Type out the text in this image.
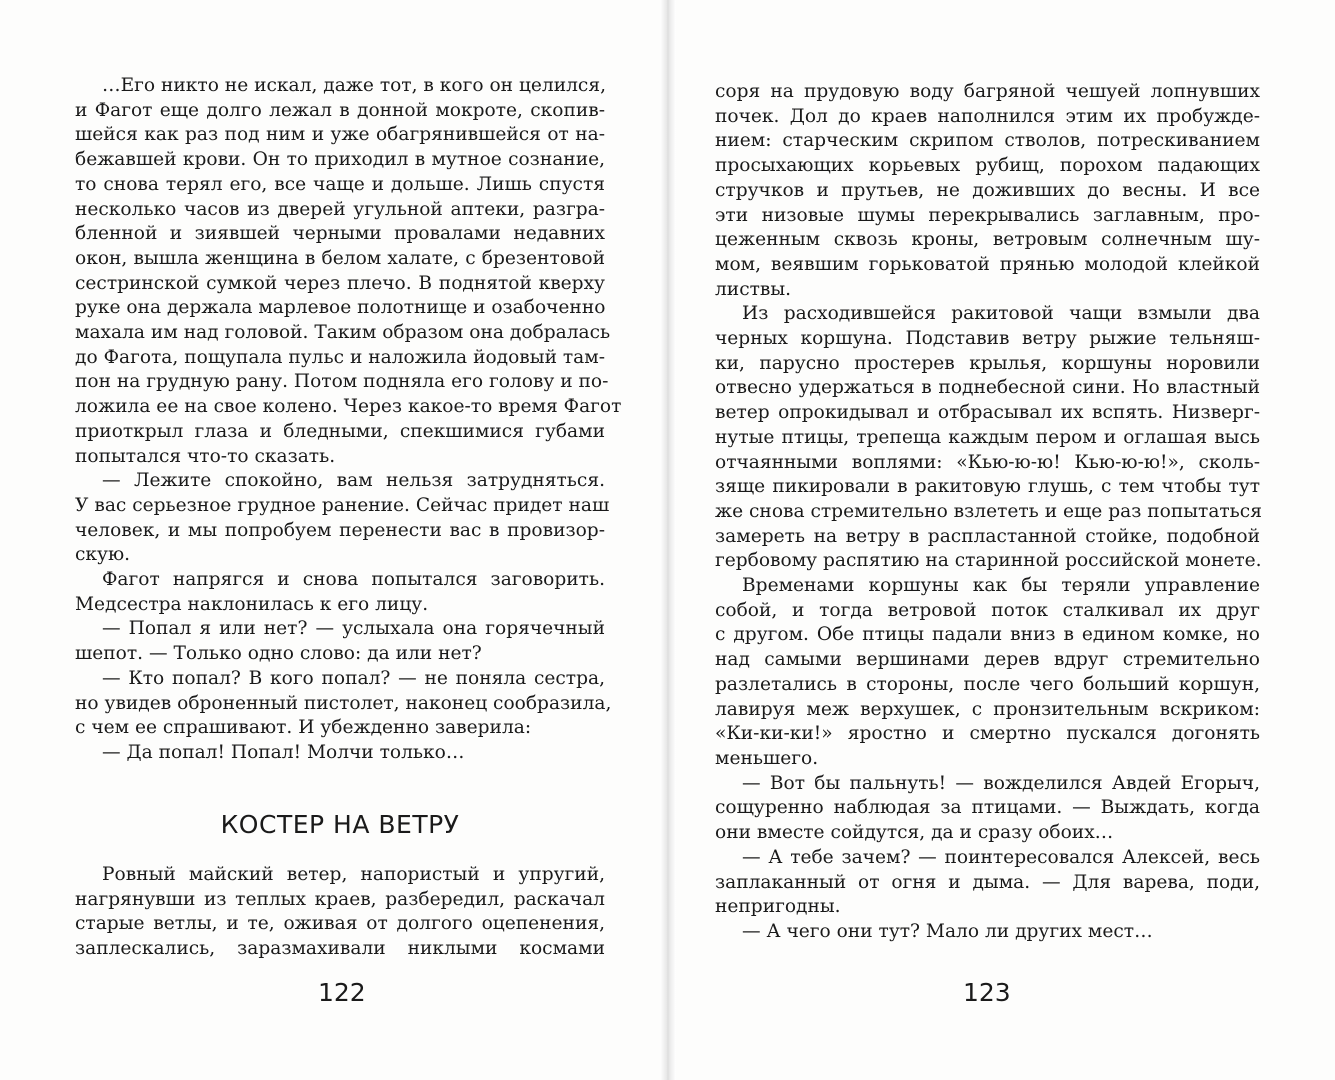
…Его никто не искал, даже тот, в кого он целился,
и Фагот еще долго лежал в донной мокроте, скопив-
шейся как раз под ним и уже обагрянившейся от на-
бежавшей крови. Он то приходил в мутное сознание,
то снова терял его, все чаще и дольше. Лишь спустя
несколько часов из дверей угульной аптеки, разгра-
бленной и зиявшей черными провалами недавних
окон, вышла женщина в белом халате, с брезентовой
сестринской сумкой через плечо. В поднятой кверху
руке она держала марлевое полотнище и озабоченно
махала им над головой. Таким образом она добралась
до Фагота, пощупала пульс и наложила йодовый там-
пон на грудную рану. Потом подняла его голову и по-
ложила ее на свое колено. Через какое-то время Фагот
приоткрыл глаза и бледными, спекшимися губами
попытался что-то сказать.
— Лежите спокойно, вам нельзя затрудняться.
У вас серьезное грудное ранение. Сейчас придет наш
человек, и мы попробуем перенести вас в провизор-
скую.
Фагот напрягся и снова попытался заговорить.
Медсестра наклонилась к его лицу.
— Попал я или нет? — услыхала она горячечный
шепот. — Только одно слово: да или нет?
— Кто попал? В кого попал? — не поняла сестра,
но увидев оброненный пистолет, наконец сообразила,
с чем ее спрашивают. И убежденно заверила:
— Да попал! Попал! Молчи только…
КОСТЕР НА ВЕТРУ
Ровный майский ветер, напористый и упругий,
нагрянувши из теплых краев, разбередил, раскачал
старые ветлы, и те, оживая от долгого оцепенения,
заплескались, заразмахивали никлыми космами
122
соря на прудовую воду багряной чешуей лопнувших
почек. Дол до краев наполнился этим их пробужде-
нием: старческим скрипом стволов, потрескиванием
просыхающих корьевых рубищ, порохом падающих
стручков и прутьев, не доживших до весны. И все
эти низовые шумы перекрывались заглавным, про-
цеженным сквозь кроны, ветровым солнечным шу-
мом, веявшим горьковатой прянью молодой клейкой
листвы.
Из расходившейся ракитовой чащи взмыли два
черных коршуна. Подставив ветру рыжие тельняш-
ки, парусно простерев крылья, коршуны норовили
отвесно удержаться в поднебесной сини. Но властный
ветер опрокидывал и отбрасывал их вспять. Низверг-
нутые птицы, трепеща каждым пером и оглашая высь
отчаянными воплями: «Кью-ю-ю! Кью-ю-ю!», сколь-
зяще пикировали в ракитовую глушь, с тем чтобы тут
же снова стремительно взлететь и еще раз попытаться
замереть на ветру в распластанной стойке, подобной
гербовому распятию на старинной российской монете.
Временами коршуны как бы теряли управление
собой, и тогда ветровой поток сталкивал их друг
с другом. Обе птицы падали вниз в едином комке, но
над самыми вершинами дерев вдруг стремительно
разлетались в стороны, после чего больший коршун,
лавируя меж верхушек, с пронзительным вскриком:
«Ки-ки-ки!» яростно и смертно пускался догонять
меньшего.
— Вот бы пальнуть! — вожделился Авдей Егорыч,
сощуренно наблюдая за птицами. — Выждать, когда
они вместе сойдутся, да и сразу обоих…
— А тебе зачем? — поинтересовался Алексей, весь
заплаканный от огня и дыма. — Для варева, поди,
непригодны.
— А чего они тут? Мало ли других мест…
123
